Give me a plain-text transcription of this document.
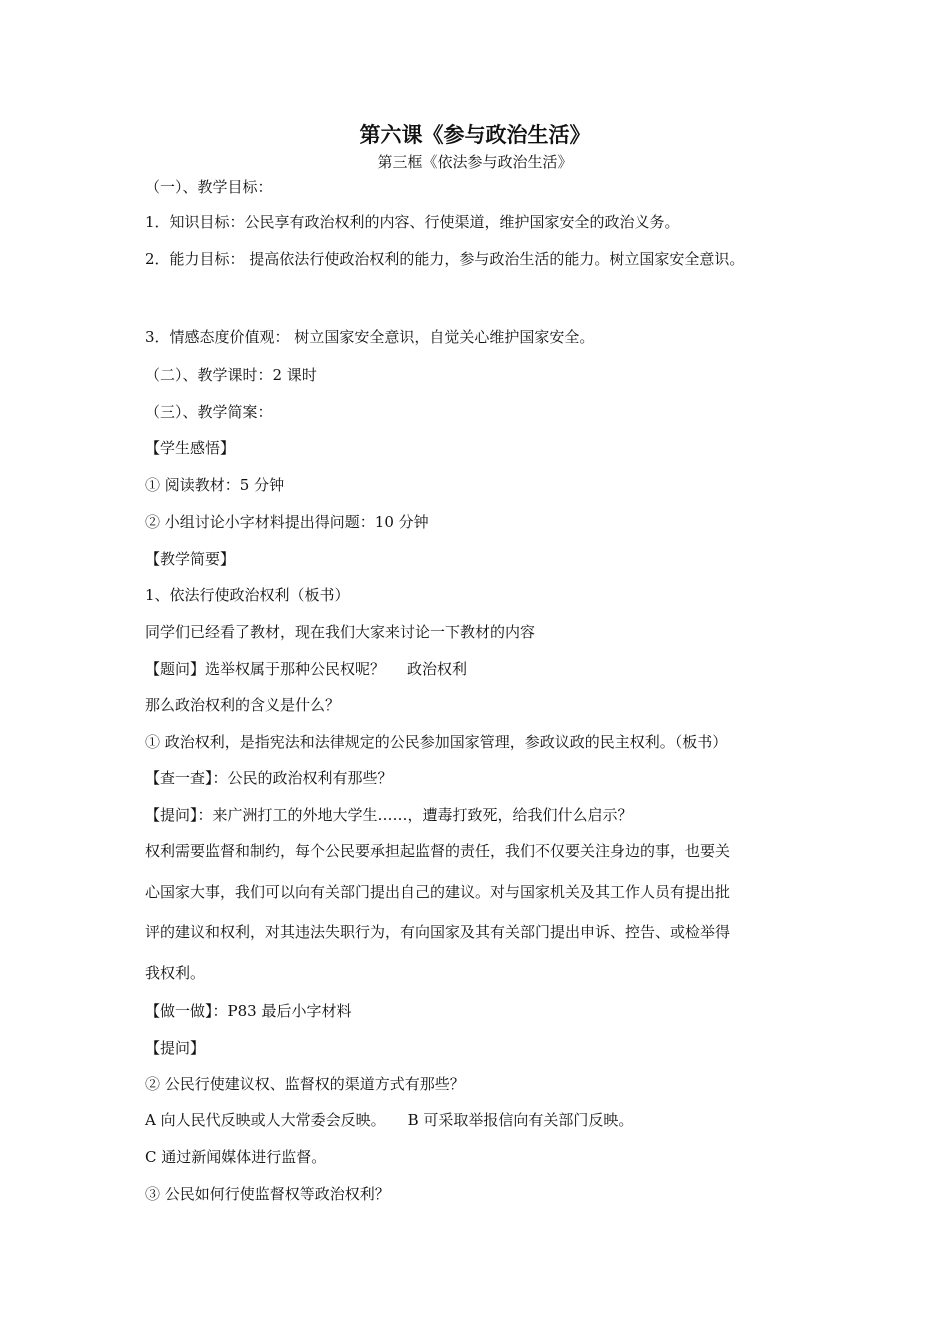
第六课《参与政治生活》
第三框《依法参与政治生活》
（一）、教学目标：
1．知识目标：公民享有政治权利的内容、行使渠道，维护国家安全的政治义务。
2．能力目标： 提高依法行使政治权利的能力，参与政治生活的能力。树立国家安全意识。
3．情感态度价值观： 树立国家安全意识，自觉关心维护国家安全。
（二）、教学课时：2 课时
（三）、教学简案：
【学生感悟】
① 阅读教材：5 分钟
② 小组讨论小字材料提出得问题：10 分钟
【教学简要】
1、依法行使政治权利（板书）
同学们已经看了教材，现在我们大家来讨论一下教材的内容
【题问】选举权属于那种公民权呢？ 政治权利
那么政治权利的含义是什么？
① 政治权利，是指宪法和法律规定的公民参加国家管理，参政议政的民主权利。（板书）
【查一查】：公民的政治权利有那些？
【提问】：来广洲打工的外地大学生……，遭毒打致死，给我们什么启示？
权利需要监督和制约，每个公民要承担起监督的责任，我们不仅要关注身边的事，也要关
心国家大事，我们可以向有关部门提出自己的建议。对与国家机关及其工作人员有提出批
评的建议和权利，对其违法失职行为，有向国家及其有关部门提出申诉、控告、或检举得
我权利。
【做一做】：P83 最后小字材料
【提问】
② 公民行使建议权、监督权的渠道方式有那些？
A 向人民代反映或人大常委会反映。 B 可采取举报信向有关部门反映。
C 通过新闻媒体进行监督。
③ 公民如何行使监督权等政治权利？
